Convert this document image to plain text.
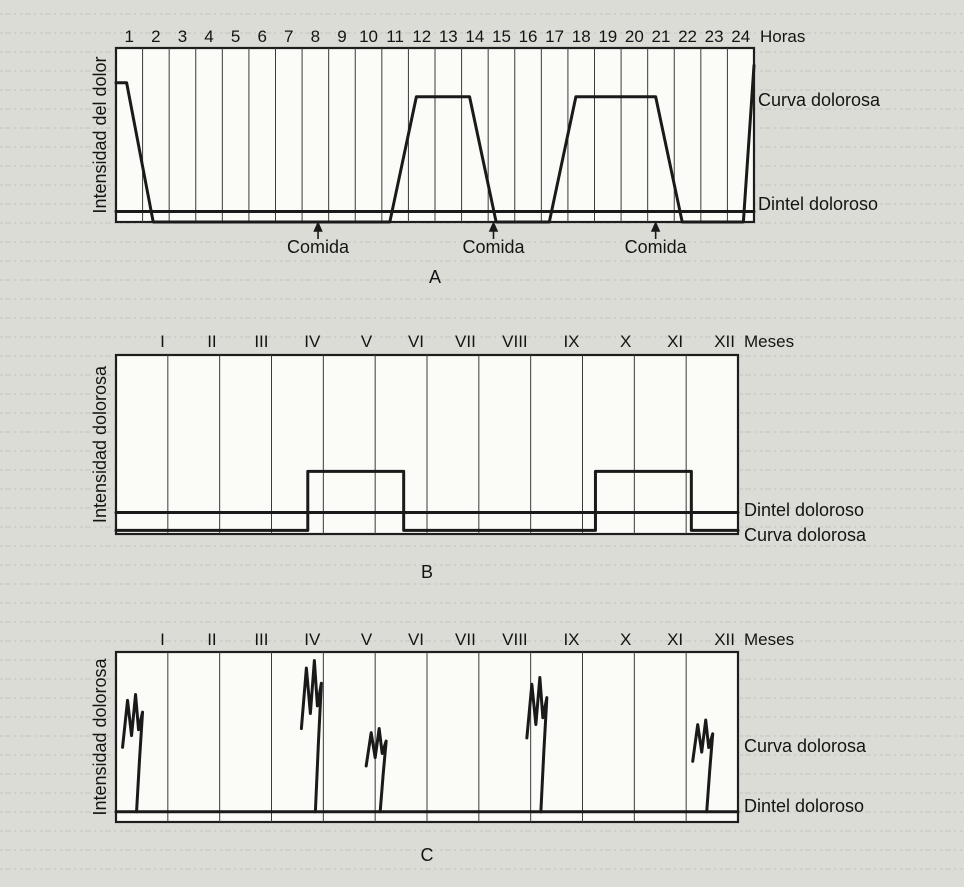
1 2 3 4 5 6 7 8 9 10 11 12 13 14 15 16 17 18 19 20 21 22 23 24 Horas
Intensidad del dolor
A
Curva dolorosa
Dintel doloroso
Comida	Comida	Comida
I II III IV V VI VII VIII IX X XI XII Meses
Intensidad dolorosa
B
Dintel doloroso
Curva dolorosa
I II III IV V VI VII VIII IX X XI XII Meses
Intensidad dolorosa
C
Curva dolorosa
Dintel doloroso
